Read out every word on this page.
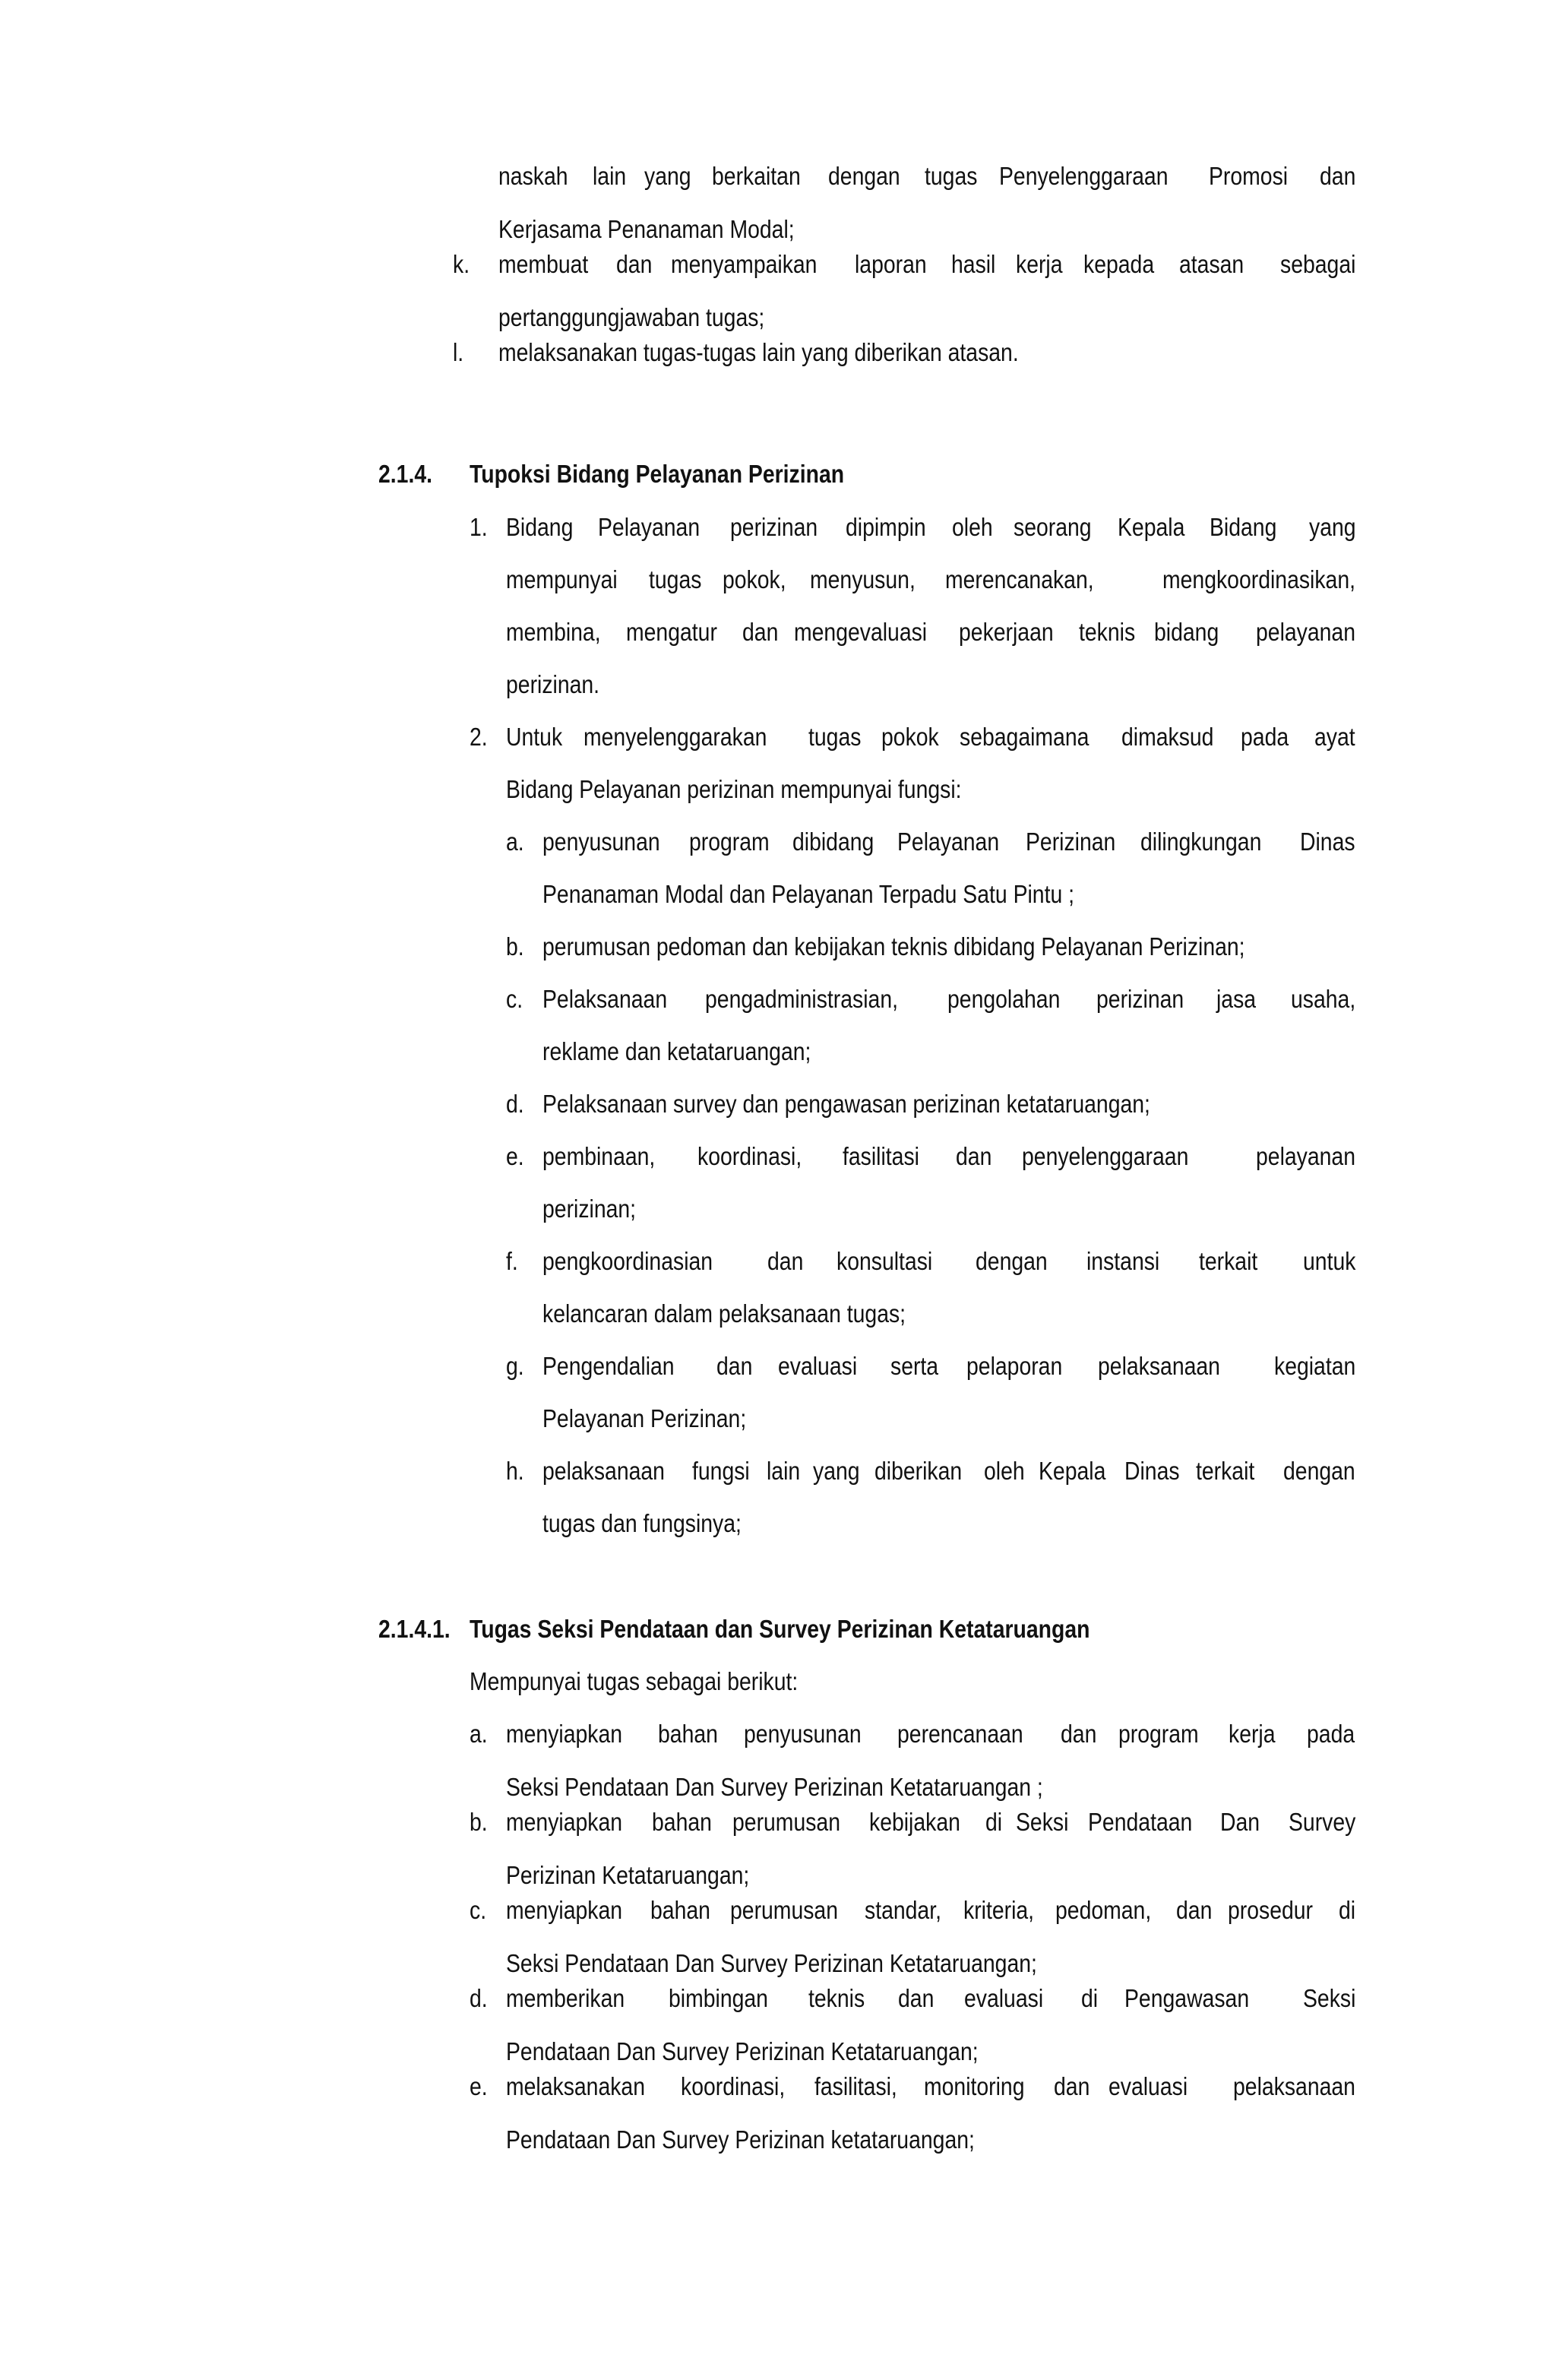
naskah lain yang berkaitan dengan tugas Penyelenggaraan Promosi dan
Kerjasama Penanaman Modal;
k. membuat dan menyampaikan laporan hasil kerja kepada atasan sebagai
pertanggungjawaban tugas;
l. melaksanakan tugas-tugas lain yang diberikan atasan.
2.1.4. Tupoksi Bidang Pelayanan Perizinan
1. Bidang Pelayanan perizinan dipimpin oleh seorang Kepala Bidang yang
mempunyai tugas pokok, menyusun, merencanakan,	mengkoordinasikan,
membina, mengatur dan mengevaluasi pekerjaan teknis bidang pelayanan
perizinan.
2. Untuk menyelenggarakan tugas pokok sebagaimana dimaksud pada ayat
Bidang Pelayanan perizinan mempunyai fungsi:
a. penyusunan program dibidang Pelayanan Perizinan dilingkungan Dinas
Penanaman Modal dan Pelayanan Terpadu Satu Pintu ;
b. perumusan pedoman dan kebijakan teknis dibidang Pelayanan Perizinan;
c. Pelaksanaan pengadministrasian, pengolahan perizinan jasa usaha,
reklame dan ketataruangan;
d. Pelaksanaan survey dan pengawasan perizinan ketataruangan;
e. pembinaan, koordinasi, fasilitasi dan penyelenggaraan	pelayanan
perizinan;
f. pengkoordinasian dan konsultasi dengan instansi terkait untuk
kelancaran dalam pelaksanaan tugas;
g. Pengendalian dan evaluasi serta pelaporan pelaksanaan kegiatan
Pelayanan Perizinan;
h. pelaksanaan fungsi lain yang diberikan oleh Kepala Dinas terkait dengan
tugas dan fungsinya;
2.1.4.1. Tugas Seksi Pendataan dan Survey Perizinan Ketataruangan
Mempunyai tugas sebagai berikut:
a. menyiapkan bahan penyusunan perencanaan dan program kerja pada
Seksi Pendataan Dan Survey Perizinan Ketataruangan ;
b. menyiapkan bahan perumusan kebijakan di Seksi Pendataan Dan Survey
Perizinan Ketataruangan;
c. menyiapkan bahan perumusan standar, kriteria, pedoman, dan prosedur di
Seksi Pendataan Dan Survey Perizinan Ketataruangan;
d. memberikan bimbingan teknis dan evaluasi di Pengawasan Seksi
Pendataan Dan Survey Perizinan Ketataruangan;
e. melaksanakan koordinasi, fasilitasi, monitoring dan evaluasi pelaksanaan
Pendataan Dan Survey Perizinan ketataruangan;
